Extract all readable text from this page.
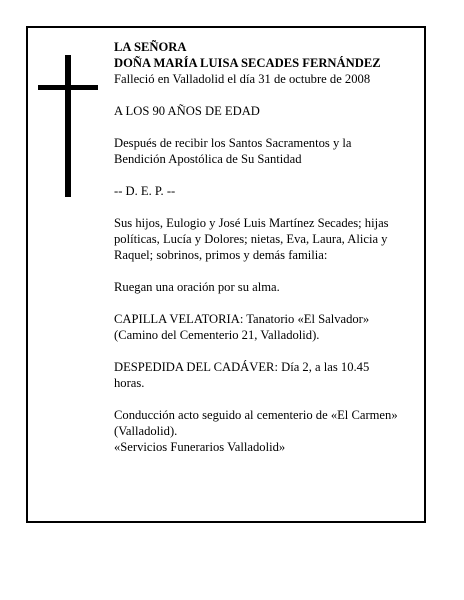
LA SEÑORA

DOÑA MARÍA LUISA SECADES FERNÁNDEZ

Falleció en Valladolid el día 31 de octubre de 2008

A LOS 90 AÑOS DE EDAD

Después de recibir los Santos Sacramentos y la

Bendición Apostólica de Su Santidad

-- D. E. P. --

Sus hijos, Eulogio y José Luis Martínez Secades; hijas

políticas, Lucía y Dolores; nietas, Eva, Laura, Alicia y

Raquel; sobrinos, primos y demás familia:

Ruegan una oración por su alma.

CAPILLA VELATORIA: Tanatorio «El Salvador»

(Camino del Cementerio 21, Valladolid).

DESPEDIDA DEL CADÁVER: Día 2, a las 10.45

horas.

Conducción acto seguido al cementerio de «El Carmen»

(Valladolid).

«Servicios Funerarios Valladolid»
